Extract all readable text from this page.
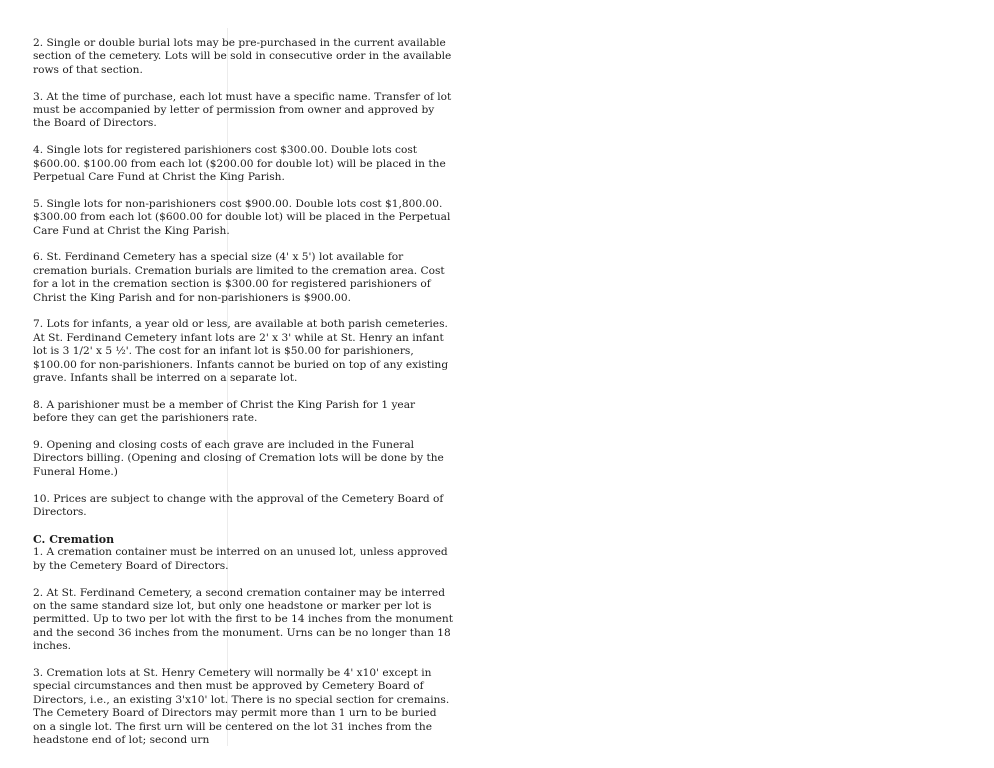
2. Single or double burial lots may be pre-purchased in the current available section of the cemetery. Lots will be sold in consecutive order in the available rows of that section.

3. At the time of purchase, each lot must have a specific name. Transfer of lot must be accompanied by letter of permission from owner and approved by the Board of Directors.

4. Single lots for registered parishioners cost $300.00. Double lots cost $600.00. $100.00 from each lot ($200.00 for double lot) will be placed in the Perpetual Care Fund at Christ the King Parish.

5. Single lots for non-parishioners cost $900.00. Double lots cost $1,800.00. $300.00 from each lot ($600.00 for double lot) will be placed in the Perpetual Care Fund at Christ the King Parish.

6. St. Ferdinand Cemetery has a special size (4' x 5') lot available for cremation burials. Cremation burials are limited to the cremation area. Cost for a lot in the cremation section is $300.00 for registered parishioners of Christ the King Parish and for non-parishioners is $900.00.

7. Lots for infants, a year old or less, are available at both parish cemeteries. At St. Ferdinand Cemetery infant lots are 2' x 3' while at St. Henry an infant lot is 3 1/2' x 5 ½'. The cost for an infant lot is $50.00 for parishioners, $100.00 for non-parishioners. Infants cannot be buried on top of any existing grave. Infants shall be interred on a separate lot.

8. A parishioner must be a member of Christ the King Parish for 1 year before they can get the parishioners rate.

9. Opening and closing costs of each grave are included in the Funeral Directors billing. (Opening and closing of Cremation lots will be done by the Funeral Home.)

10. Prices are subject to change with the approval of the Cemetery Board of Directors.

C. Cremation

1. A cremation container must be interred on an unused lot, unless approved by the Cemetery Board of Directors.

2. At St. Ferdinand Cemetery, a second cremation container may be interred on the same standard size lot, but only one headstone or marker per lot is permitted. Up to two per lot with the first to be 14 inches from the monument and the second 36 inches from the monument. Urns can be no longer than 18 inches.

3. Cremation lots at St. Henry Cemetery will normally be 4' x10' except in special circumstances and then must be approved by Cemetery Board of Directors, i.e., an existing 3'x10' lot. There is no special section for cremains. The Cemetery Board of Directors may permit more than 1 urn to be buried on a single lot. The first urn will be centered on the lot 31 inches from the headstone end of lot; second urn
